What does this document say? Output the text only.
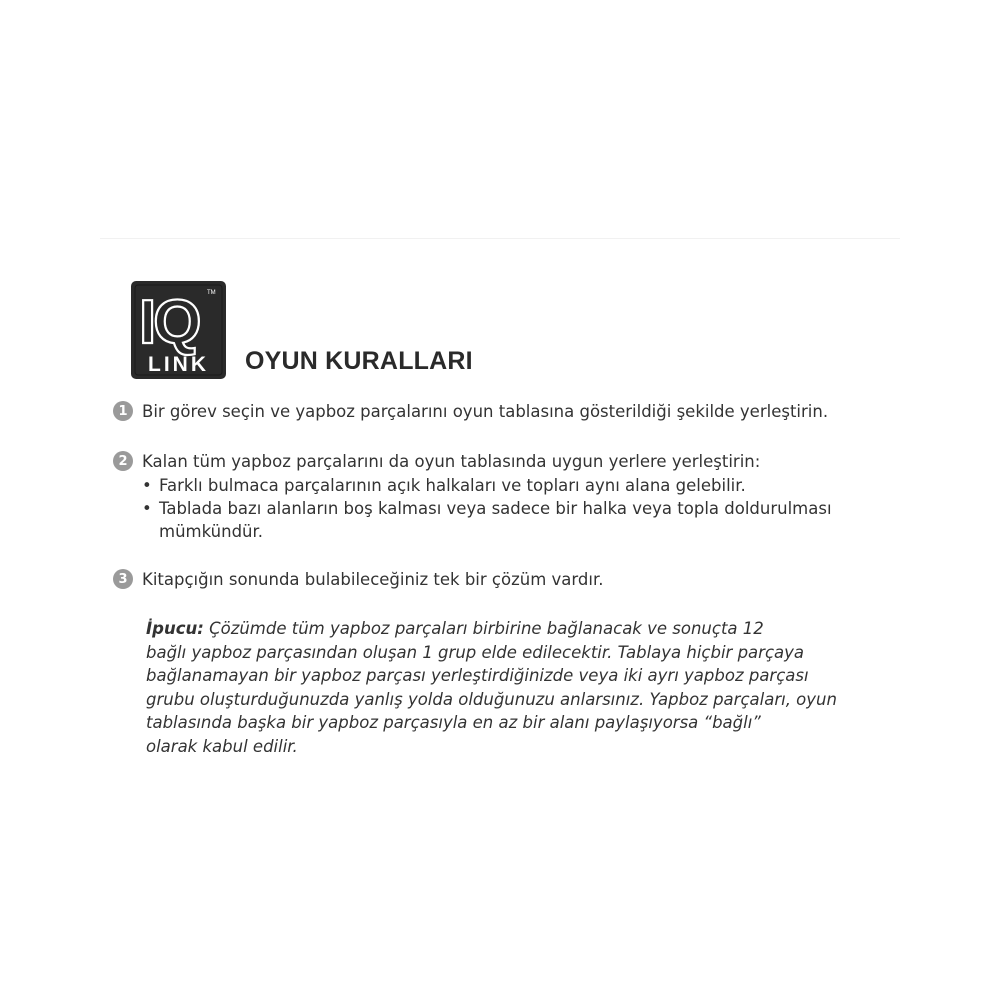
IQ TM
LINK OYUN KURALLARI
1 Bir görev seçin ve yapboz parçalarını oyun tablasına gösterildiği şekilde yerleştirin.
2 Kalan tüm yapboz parçalarını da oyun tablasında uygun yerlere yerleştirin:
• Farklı bulmaca parçalarının açık halkaları ve topları aynı alana gelebilir.
• Tablada bazı alanların boş kalması veya sadece bir halka veya topla doldurulması
mümkündür.
3 Kitapçığın sonunda bulabileceğiniz tek bir çözüm vardır.
İpucu: Çözümde tüm yapboz parçaları birbirine bağlanacak ve sonuçta 12
bağlı yapboz parçasından oluşan 1 grup elde edilecektir. Tablaya hiçbir parçaya
bağlanamayan bir yapboz parçası yerleştirdiğinizde veya iki ayrı yapboz parçası
grubu oluşturduğunuzda yanlış yolda olduğunuzu anlarsınız. Yapboz parçaları, oyun
tablasında başka bir yapboz parçasıyla en az bir alanı paylaşıyorsa “bağlı”
olarak kabul edilir.
